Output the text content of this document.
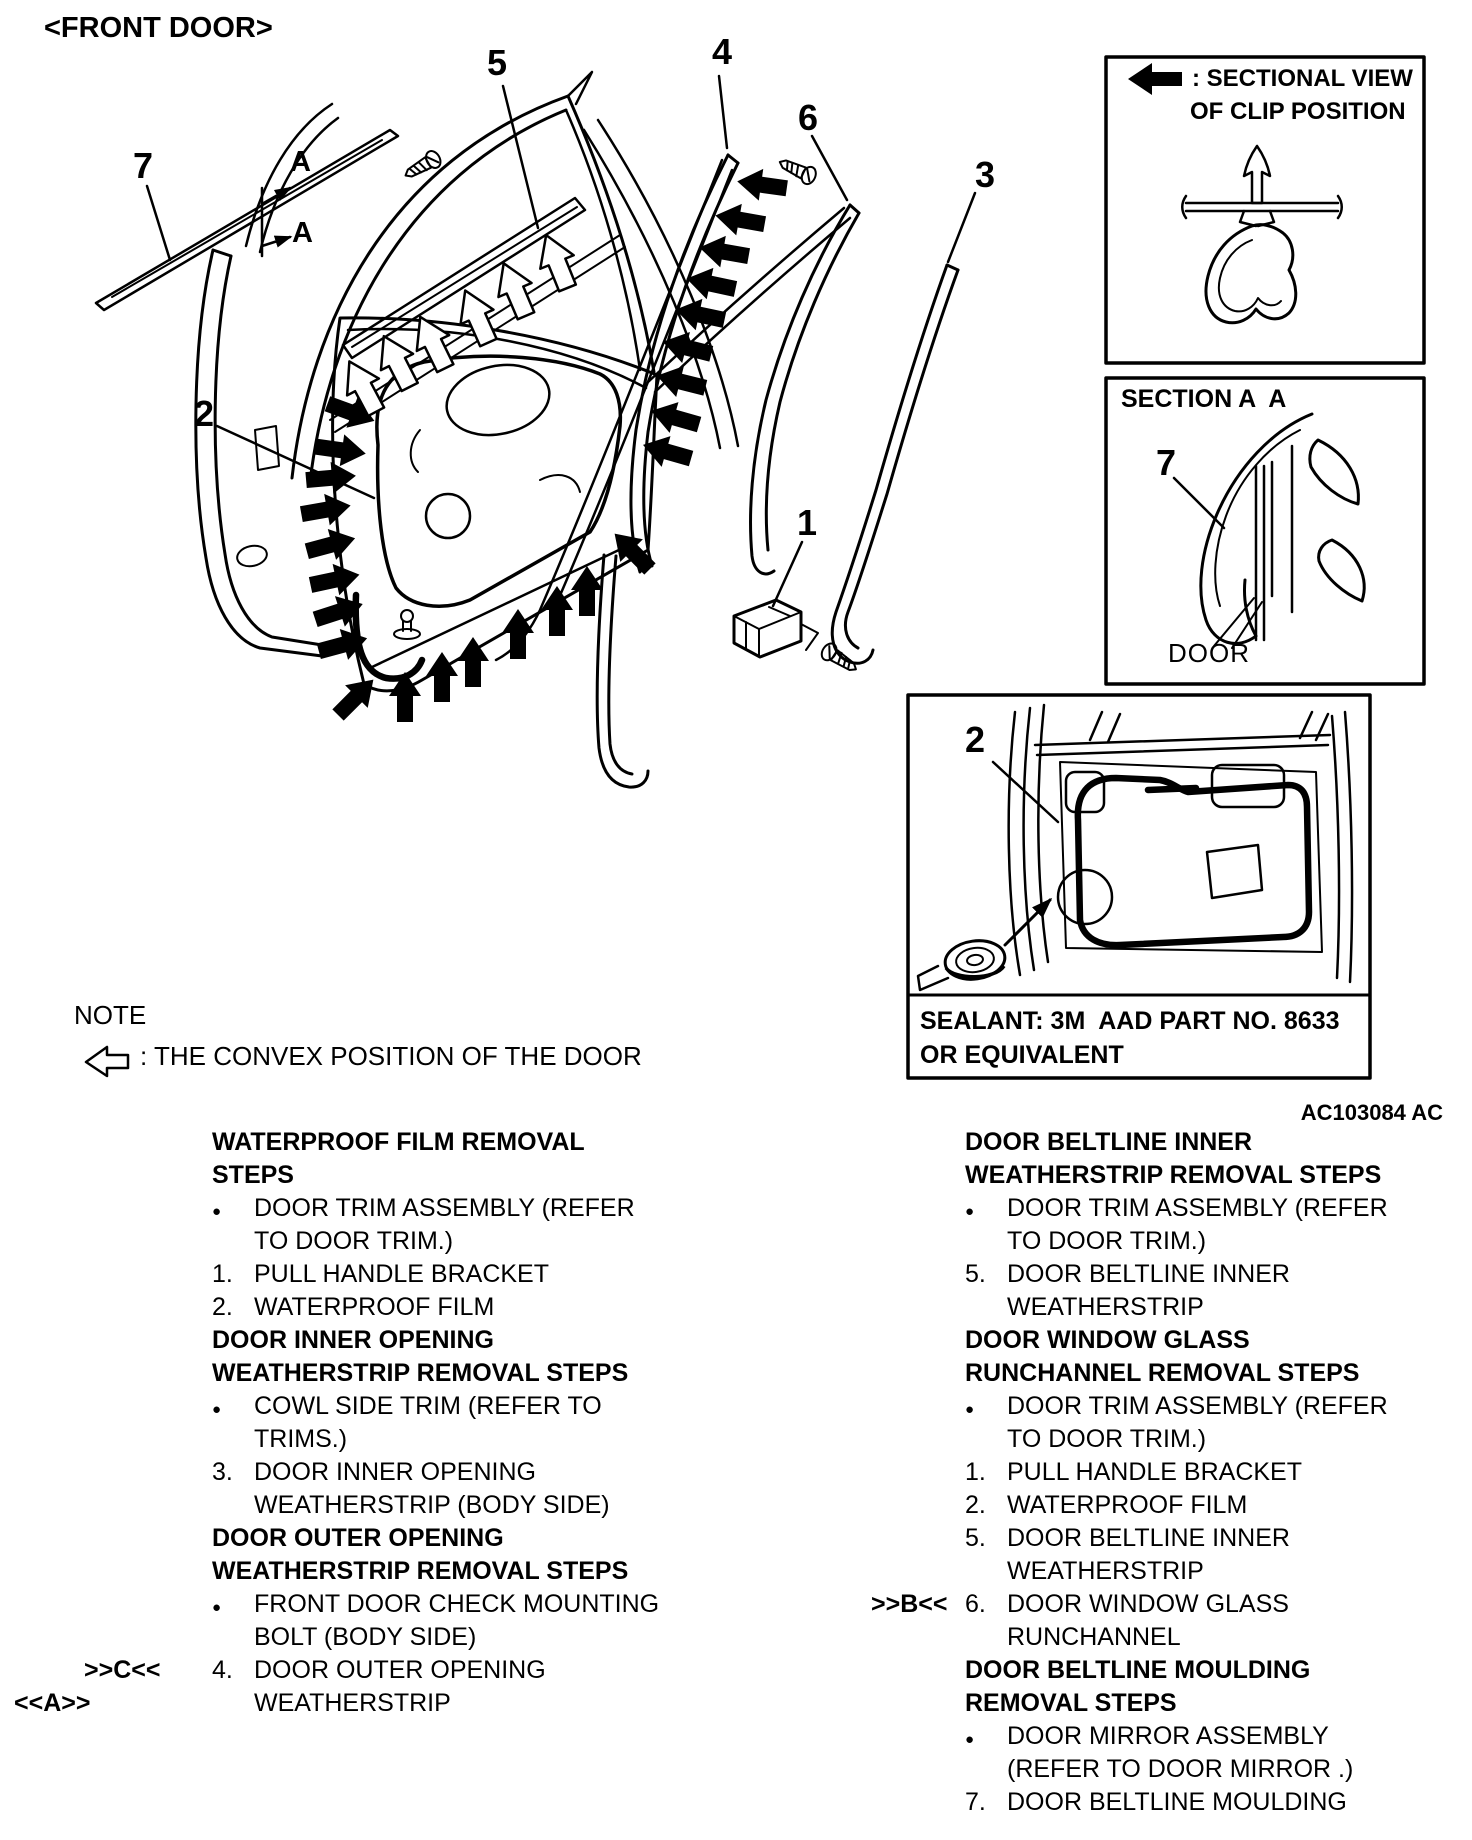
<FRONT DOOR>
7
5	4
6
3
2
1
A
A
: SECTIONAL VIEW
OF CLIP POSITION
SECTION A  A
7
DOOR
2
SEALANT: 3M  AAD PART NO. 8633
OR EQUIVALENT
AC103084 AC
NOTE
: THE CONVEX POSITION OF THE DOOR
WATERPROOF FILM REMOVAL
STEPS
● DOOR TRIM ASSEMBLY (REFER
TO DOOR TRIM.)
1. PULL HANDLE BRACKET
2. WATERPROOF FILM
DOOR INNER OPENING
WEATHERSTRIP REMOVAL STEPS
● COWL SIDE TRIM (REFER TO
TRIMS.)
3. DOOR INNER OPENING
WEATHERSTRIP (BODY SIDE)
DOOR OUTER OPENING
WEATHERSTRIP REMOVAL STEPS
● FRONT DOOR CHECK MOUNTING
BOLT (BODY SIDE)
>>C<< 4. DOOR OUTER OPENING
<<A>>	WEATHERSTRIP
DOOR BELTLINE INNER
WEATHERSTRIP REMOVAL STEPS
● DOOR TRIM ASSEMBLY (REFER
TO DOOR TRIM.)
5. DOOR BELTLINE INNER
WEATHERSTRIP
DOOR WINDOW GLASS
RUNCHANNEL REMOVAL STEPS
● DOOR TRIM ASSEMBLY (REFER
TO DOOR TRIM.)
1. PULL HANDLE BRACKET
2. WATERPROOF FILM
5. DOOR BELTLINE INNER
WEATHERSTRIP
>>B<< 6. DOOR WINDOW GLASS
RUNCHANNEL
DOOR BELTLINE MOULDING
REMOVAL STEPS
● DOOR MIRROR ASSEMBLY
(REFER TO DOOR MIRROR .)
7. DOOR BELTLINE MOULDING
